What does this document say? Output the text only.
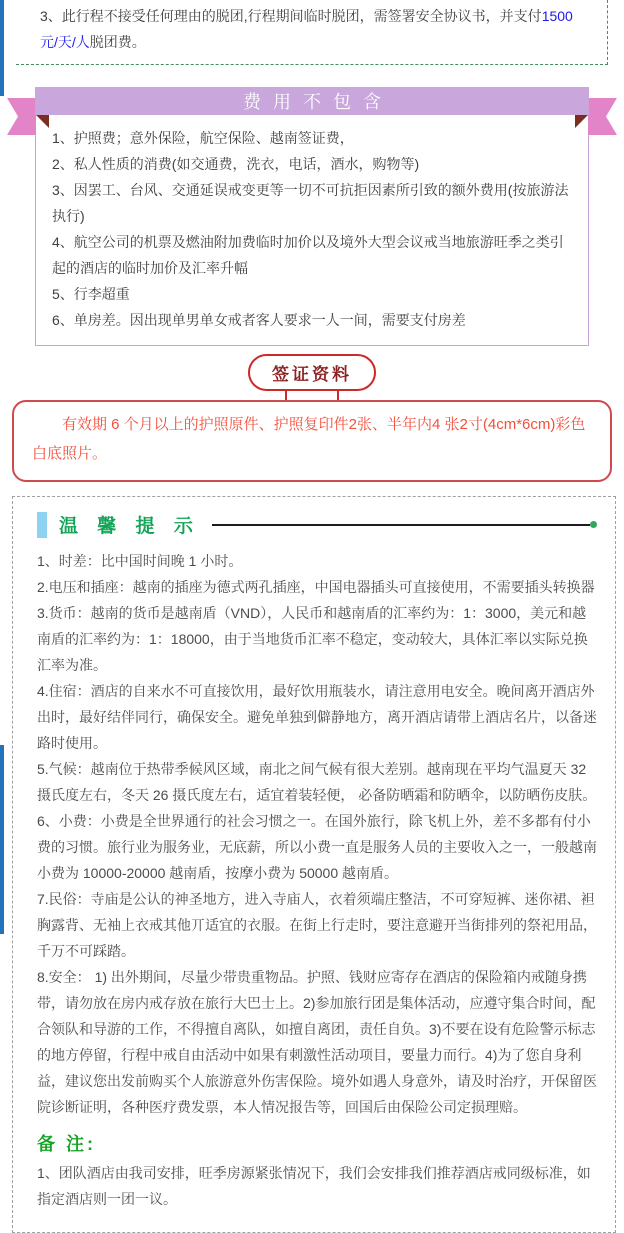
3、此行程不接受任何理由的脱团,行程期间临时脱团，需签署安全协议书，并支付1500元/天/人脱团费。
费用不包含

1、护照费；意外保险，航空保险、越南签证费，

2、私人性质的消费(如交通费，洗衣，电话，酒水，购物等)

3、因罢工、台风、交通延误戒变更等一切不可抗拒因素所引致的额外费用(按旅游法执行)

4、航空公司的机票及燃油附加费临时加价以及境外大型会议戒当地旅游旺季之类引起的酒店的临时加价及汇率升幅

5、行李超重

6、单房差。因出现单男单女戒者客人要求一人一间，需要支付房差

签证资料

有效期 6 个月以上的护照原件、护照复印件2张、半年内4 张2寸(4cm*6cm)彩色白底照片。

温 馨 提 示

1、时差：比中国时间晚 1 小时。

2.电压和插座：越南的插座为德式两孔插座，中国电器插头可直接使用，不需要插头转换器

3.货币：越南的货币是越南盾（VND），人民币和越南盾的汇率约为：1：3000，美元和越南盾的汇率约为：1：18000，由于当地货币汇率不稳定，变动较大，具体汇率以实际兑换汇率为准。

4.住宿：酒店的自来水不可直接饮用，最好饮用瓶装水，请注意用电安全。晚间离开酒店外出时，最好结伴同行，确保安全。避免单独到僻静地方，离开酒店请带上酒店名片，以备迷路时使用。

5.气候：越南位于热带季候风区域，南北之间气候有很大差别。越南现在平均气温夏天 32 摄氏度左右，冬天 26 摄氏度左右，适宜着装轻便， 必备防晒霜和防晒伞，以防晒伤皮肤。

6、小费：小费是全世界通行的社会习惯之一。在国外旅行，除飞机上外，差不多都有付小费的习惯。旅行业为服务业，无底薪，所以小费一直是服务人员的主要收入之一，一般越南小费为 10000-20000 越南盾，按摩小费为 50000 越南盾。

7.民俗：寺庙是公认的神圣地方，进入寺庙人，衣着须端庄整洁，不可穿短裤、迷你裙、袒胸露背、无袖上衣戒其他丌适宜的衣服。在街上行走时，要注意避开当街排列的祭祀用品，千万不可踩踏。

8.安全： 1) 出外期间，尽量少带贵重物品。护照、钱财应寄存在酒店的保险箱内戒随身携带，请勿放在房内戒存放在旅行大巴士上。2)参加旅行团是集体活动，应遵守集合时间，配合领队和导游的工作，不得擅自离队，如擅自离团，责任自负。3)不要在设有危险警示标志的地方停留，行程中戒自由活动中如果有刺激性活动项目，要量力而行。4)为了您自身利益，建议您出发前购买个人旅游意外伤害保险。境外如遇人身意外，请及时治疗，开保留医院诊断证明，各种医疗费发票，本人情况报告等，回国后由保险公司定损理赔。

备 注:

1、团队酒店由我司安排，旺季房源紧张情况下，我们会安排我们推荐酒店戒同级标准，如指定酒店则一团一议。
